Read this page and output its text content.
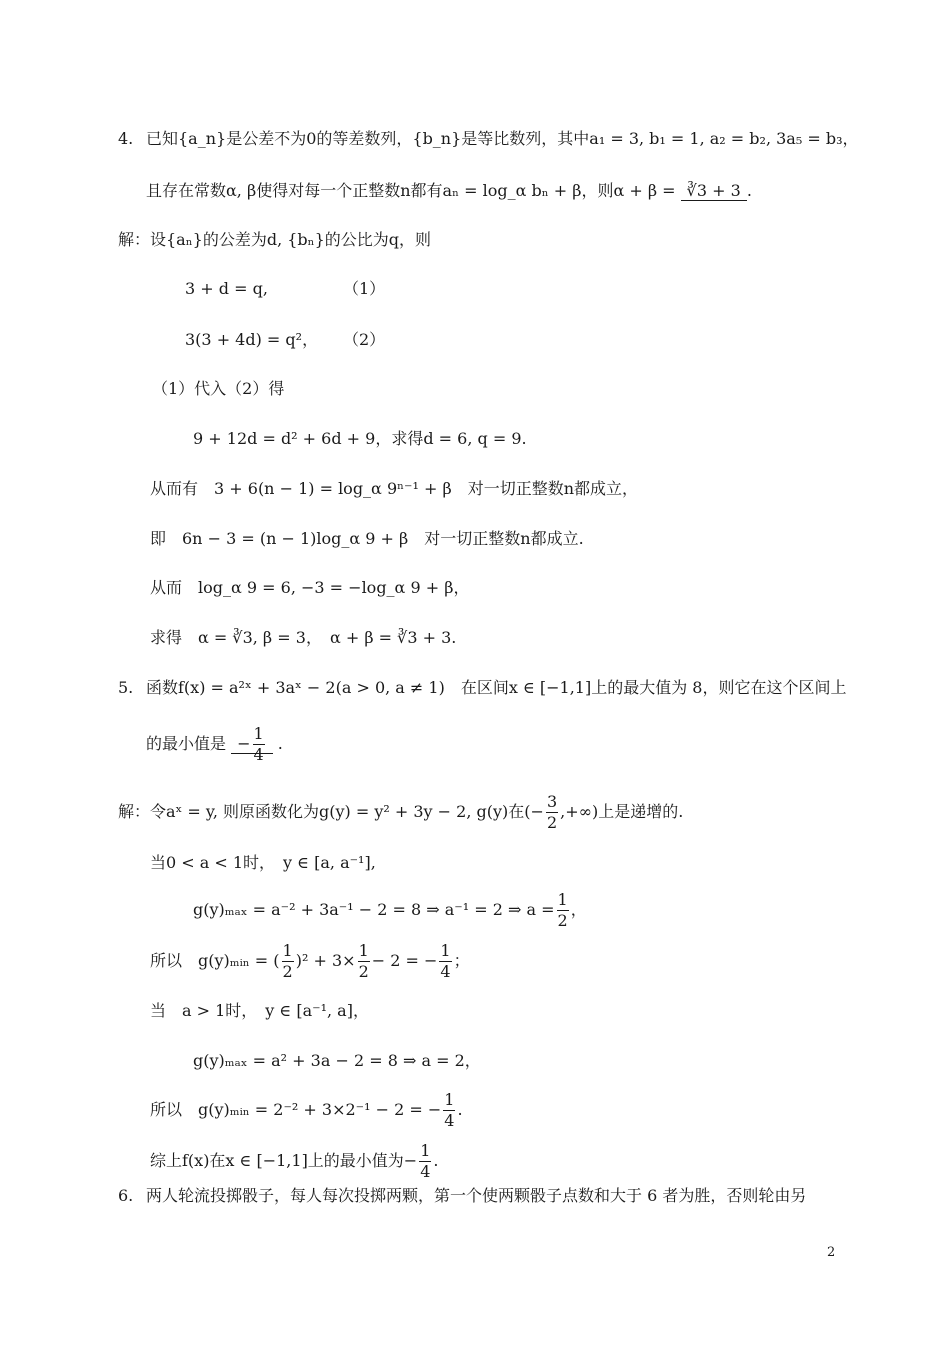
4. 已知{a_n}是公差不为0的等差数列，{b_n}是等比数列，其中a₁ = 3, b₁ = 1, a₂ = b₂, 3a₅ = b₃，
且存在常数α, β使得对每一个正整数n都有aₙ = log_α bₙ + β，则α + β = ∛3 + 3 .
解：设{aₙ}的公差为d, {bₙ}的公比为q，则
3 + d = q,	（1）
3(3 + 4d) = q²， （2）
（1）代入（2）得
9 + 12d = d² + 6d + 9，求得d = 6, q = 9.
从而有　3 + 6(n − 1) = log_α 9ⁿ⁻¹ + β　对一切正整数n都成立，
即　6n − 3 = (n − 1)log_α 9 + β　对一切正整数n都成立.
从而　log_α 9 = 6, −3 = −log_α 9 + β，
求得　α = ∛3, β = 3，　α + β = ∛3 + 3.
5. 函数f(x) = a²ˣ + 3aˣ − 2(a > 0, a ≠ 1)　在区间x ∈ [−1,1]上的最大值为 8，则它在这个区间上
的最小值是 − $\frac{1}{4}$ .
解：令aˣ = y, 则原函数化为g(y) = y² + 3y − 2, g(y)在(− $\frac{3}{2}$ ,+∞)上是递增的.
当0 < a < 1时，　y ∈ [a, a⁻¹],
g(y)ₘₐₓ = a⁻² + 3a⁻¹ − 2 = 8 ⇒ a⁻¹ = 2 ⇒ $a = \frac{1}{2}$ ，
所以　g(y)ₘᵢₙ = ( $\frac{1}{2} )^2 + 3\times \frac{1}{2} - 2$ = − $\frac{1}{4}$ ；
当　a > 1时，　y ∈ [a⁻¹, a]，
g(y)ₘₐₓ = a² + 3a − 2 = 8 ⇒ a = 2，
所以　g(y)ₘᵢₙ = 2⁻² + 3×2⁻¹ − 2 = − $\frac{1}{4}$ .
综上f(x)在x ∈ [−1,1]上的最小值为− $\frac{1}{4}$ .
6. 两人轮流投掷骰子，每人每次投掷两颗，第一个使两颗骰子点数和大于 6 者为胜，否则轮由另
2
